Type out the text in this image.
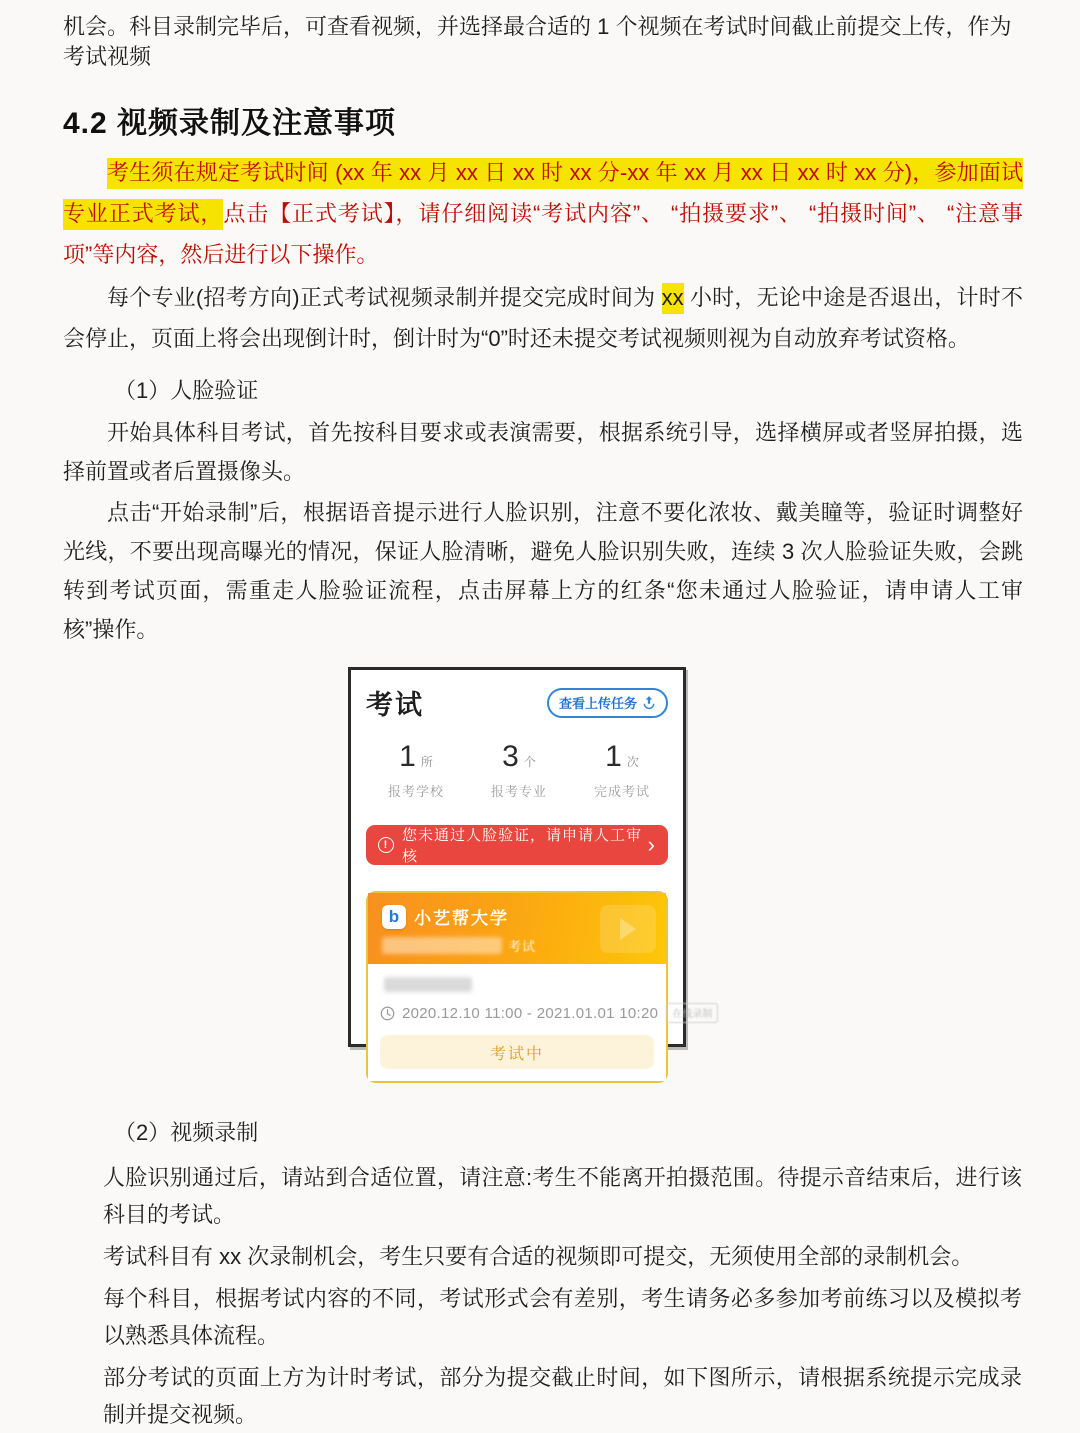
机会。科目录制完毕后，可查看视频，并选择最合适的 1 个视频在考试时间截止前提交上传，作为考试视频

4.2 视频录制及注意事项

考生须在规定考试时间 (xx 年 xx 月 xx 日 xx 时 xx 分-xx 年 xx 月 xx 日 xx 时 xx 分)，参加面试专业正式考试，点击【正式考试】，请仔细阅读“考试内容”、 “拍摄要求”、 “拍摄时间”、 “注意事项”等内容，然后进行以下操作。

每个专业(招考方向)正式考试视频录制并提交完成时间为 xx 小时，无论中途是否退出，计时不会停止，页面上将会出现倒计时，倒计时为“0”时还未提交考试视频则视为自动放弃考试资格。

（1）人脸验证

开始具体科目考试，首先按科目要求或表演需要，根据系统引导，选择横屏或者竖屏拍摄，选择前置或者后置摄像头。

点击“开始录制”后，根据语音提示进行人脸识别，注意不要化浓妆、戴美瞳等，验证时调整好光线，不要出现高曝光的情况，保证人脸清晰，避免人脸识别失败，连续 3 次人脸验证失败，会跳转到考试页面，需重走人脸验证流程，点击屏幕上方的红条“您未通过人脸验证，请申请人工审核”操作。

考试	查看上传任务
1 所
报考学校
3 个
报考专业
1 次
完成考试
!
您未通过人脸验证，请申请人工审核	›
b 小艺帮大学
考试
2020.12.10 11:00 - 2021.01.01 10:20	在线录制
考试中
（2）视频录制

人脸识别通过后，请站到合适位置，请注意:考生不能离开拍摄范围。待提示音结束后，进行该科目的考试。

考试科目有 xx 次录制机会，考生只要有合适的视频即可提交，无须使用全部的录制机会。

每个科目，根据考试内容的不同，考试形式会有差别，考生请务必多参加考前练习以及模拟考以熟悉具体流程。

部分考试的页面上方为计时考试，部分为提交截止时间，如下图所示，请根据系统提示完成录制并提交视频。
